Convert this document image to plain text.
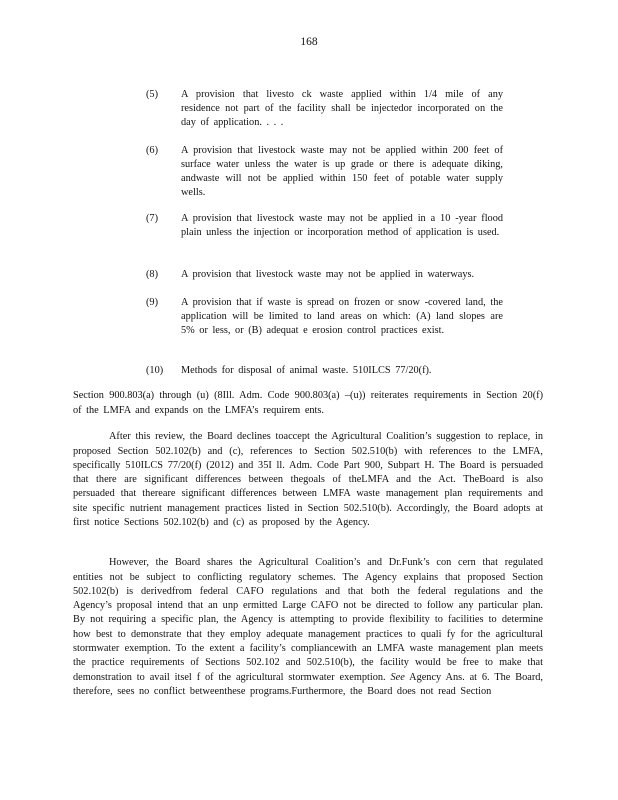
168
(5)	A provision that livesto ck waste applied within 1/4 mile of any residence not part of the facility shall be injectedor incorporated on the day of application. . . .
(6)	A provision that livestock waste may not be applied within 200 feet of surface water unless the water is up grade or there is adequate diking, andwaste will not be applied within 150 feet of potable water supply wells.
(7)	A provision that livestock waste may not be applied in a 10 -year flood plain unless the injection or incorporation method of application is used.
(8)	A provision that livestock waste may not be applied in waterways.
(9)	A provision that if waste is spread on frozen or snow -covered land, the application will be limited to land areas on which: (A) land slopes are 5% or less, or (B) adequat e erosion control practices exist.
(10)	Methods for disposal of animal waste. 510ILCS 77/20(f).

Section 900.803(a) through (u) (8Ill. Adm. Code 900.803(a) –(u)) reiterates requirements in Section 20(f) of the LMFA and expands on the LMFA’s requirem ents.

After this review, the Board declines toaccept the Agricultural Coalition’s suggestion to replace, in proposed Section 502.102(b) and (c), references to Section 502.510(b) with references to the LMFA, specifically 510ILCS 77/20(f) (2012) and 35I ll. Adm. Code Part 900, Subpart H. The Board is persuaded that there are significant differences between thegoals of theLMFA and the Act. TheBoard is also persuaded that thereare significant differences between LMFA waste management plan requirements and site specific nutrient management practices listed in Section 502.510(b). Accordingly, the Board adopts at first notice Sections 502.102(b) and (c) as proposed by the Agency.

However, the Board shares the Agricultural Coalition’s and Dr.Funk’s con cern that regulated entities not be subject to conflicting regulatory schemes. The Agency explains that proposed Section 502.102(b) is derivedfrom federal CAFO regulations and that both the federal regulations and the Agency’s proposal intend that an unp ermitted Large CAFO not be directed to follow any particular plan. By not requiring a specific plan, the Agency is attempting to provide flexibility to facilities to determine how best to demonstrate that they employ adequate management practices to quali fy for the agricultural stormwater exemption. To the extent a facility’s compliancewith an LMFA waste management plan meets the practice requirements of Sections 502.102 and 502.510(b), the facility would be free to make that demonstration to avail itsel f of the agricultural stormwater exemption. See Agency Ans. at 6. The Board, therefore, sees no conflict betweenthese programs.Furthermore, the Board does not read Section
